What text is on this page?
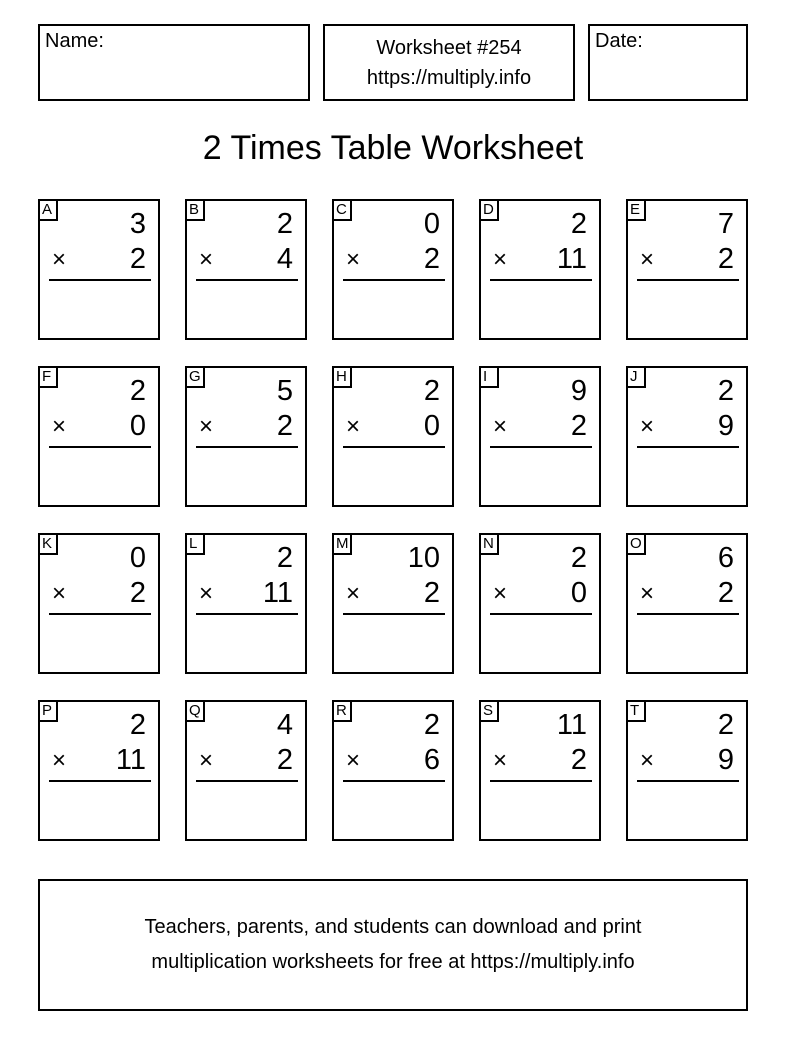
Name:	Worksheet #254
https://multiply.info
Date:
2 Times Table Worksheet
A	3
× 2
B	2
× 4
C	0
× 2
D	2
× 11
E	7
× 2
F	2
× 0
G	5
× 2
H	2
× 0
I	9
× 2
J	2
× 9
K	0
× 2
L	2
× 11
M 10
× 2
N	2
× 0
O	6
× 2
P	2
× 11
Q	4
× 2
R	2
× 6
S 11
× 2
T	2
× 9
Teachers, parents, and students can download and print
multiplication worksheets for free at https://multiply.info
